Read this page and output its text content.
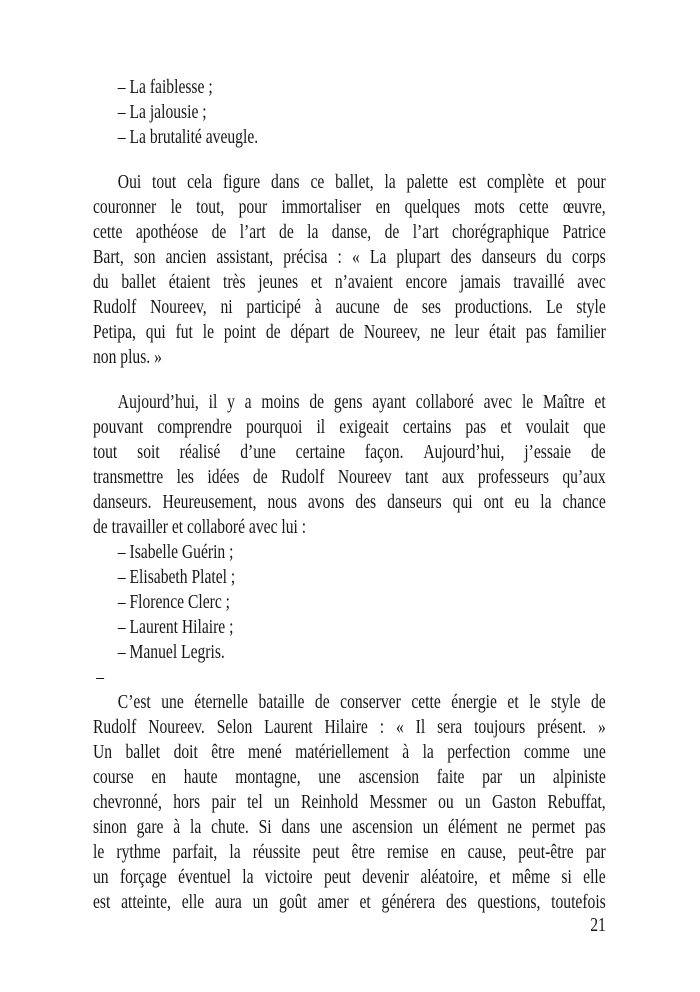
– La faiblesse ;
– La jalousie ;
– La brutalité aveugle.
Oui tout cela figure dans ce ballet, la palette est complète et pour
couronner le tout, pour immortaliser en quelques mots cette œuvre,
cette apothéose de l’art de la danse, de l’art chorégraphique Patrice
Bart, son ancien assistant, précisa : « La plupart des danseurs du corps
du ballet étaient très jeunes et n’avaient encore jamais travaillé avec
Rudolf Noureev, ni participé à aucune de ses productions. Le style
Petipa, qui fut le point de départ de Noureev, ne leur était pas familier
non plus. »
Aujourd’hui, il y a moins de gens ayant collaboré avec le Maître et
pouvant comprendre pourquoi il exigeait certains pas et voulait que
tout soit réalisé d’une certaine façon. Aujourd’hui, j’essaie de
transmettre les idées de Rudolf Noureev tant aux professeurs qu’aux
danseurs. Heureusement, nous avons des danseurs qui ont eu la chance
de travailler et collaboré avec lui :
– Isabelle Guérin ;
– Elisabeth Platel ;
– Florence Clerc ;
– Laurent Hilaire ;
– Manuel Legris.
–
C’est une éternelle bataille de conserver cette énergie et le style de
Rudolf Noureev. Selon Laurent Hilaire : « Il sera toujours présent. »
Un ballet doit être mené matériellement à la perfection comme une
course en haute montagne, une ascension faite par un alpiniste
chevronné, hors pair tel un Reinhold Messmer ou un Gaston Rebuffat,
sinon gare à la chute. Si dans une ascension un élément ne permet pas
le rythme parfait, la réussite peut être remise en cause, peut-être par
un forçage éventuel la victoire peut devenir aléatoire, et même si elle
est atteinte, elle aura un goût amer et générera des questions, toutefois
21
